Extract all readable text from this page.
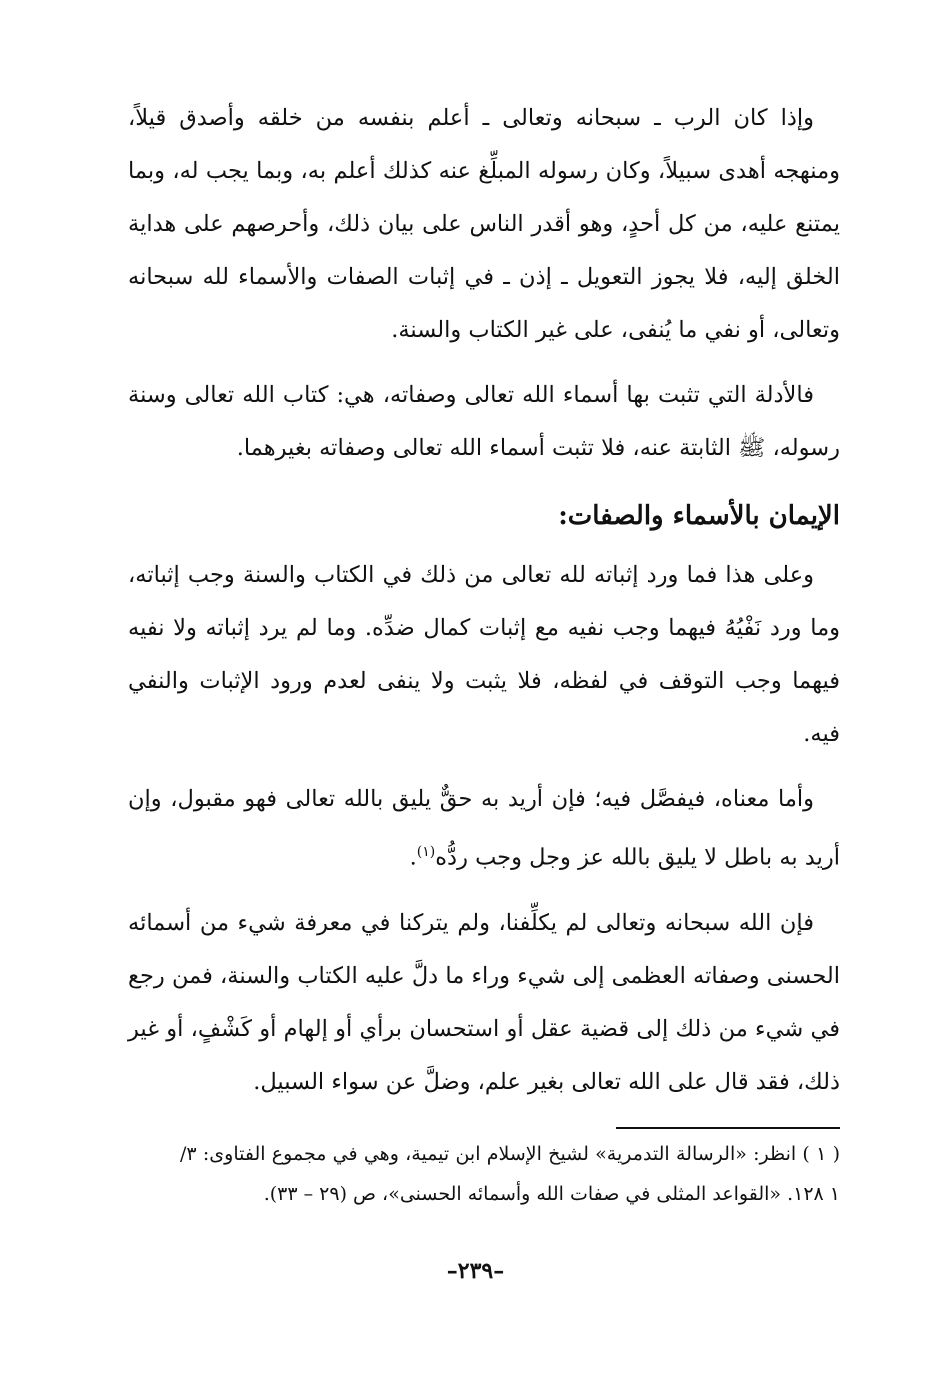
وإذا كان الرب ـ سبحانه وتعالى ـ أعلم بنفسه من خلقه وأصدق قيلاً، ومنهجه أهدى سبيلاً، وكان رسوله المبلِّغ عنه كذلك أعلم به، وبما يجب له، وبما يمتنع عليه، من كل أحدٍ، وهو أقدر الناس على بيان ذلك، وأحرصهم على هداية الخلق إليه، فلا يجوز التعويل ـ إذن ـ في إثبات الصفات والأسماء لله سبحانه وتعالى، أو نفي ما يُنفى، على غير الكتاب والسنة.

فالأدلة التي تثبت بها أسماء الله تعالى وصفاته، هي: كتاب الله تعالى وسنة رسوله، ﷺ الثابتة عنه، فلا تثبت أسماء الله تعالى وصفاته بغيرهما.

الإيمان بالأسماء والصفات:

وعلى هذا فما ورد إثباته لله تعالى من ذلك في الكتاب والسنة وجب إثباته، وما ورد نَفْيُهُ فيهما وجب نفيه مع إثبات كمال ضدِّه. وما لم يرد إثباته ولا نفيه فيهما وجب التوقف في لفظه، فلا يثبت ولا ينفى لعدم ورود الإثبات والنفي فيه.

وأما معناه، فيفصَّل فيه؛ فإن أريد به حقٌّ يليق بالله تعالى فهو مقبول، وإن أريد به باطل لا يليق بالله عز وجل وجب ردُّه$^{(١)}$.

فإن الله سبحانه وتعالى لم يكلِّفنا، ولم يتركنا في معرفة شيء من أسمائه الحسنى وصفاته العظمى إلى شيء وراء ما دلَّ عليه الكتاب والسنة، فمن رجع في شيء من ذلك إلى قضية عقل أو استحسان برأي أو إلهام أو كَشْفٍ، أو غير ذلك، فقد قال على الله تعالى بغير علم، وضلَّ عن سواء السبيل.

( ١ ) انظر: «الرسالة التدمرية» لشيخ الإسلام ابن تيمية، وهي في مجموع الفتاوى: ٣/ ١ ١٢٨. «القواعد المثلى في صفات الله وأسمائه الحسنى»، ص (٢٩ – ٣٣).
–٢٣٩–
